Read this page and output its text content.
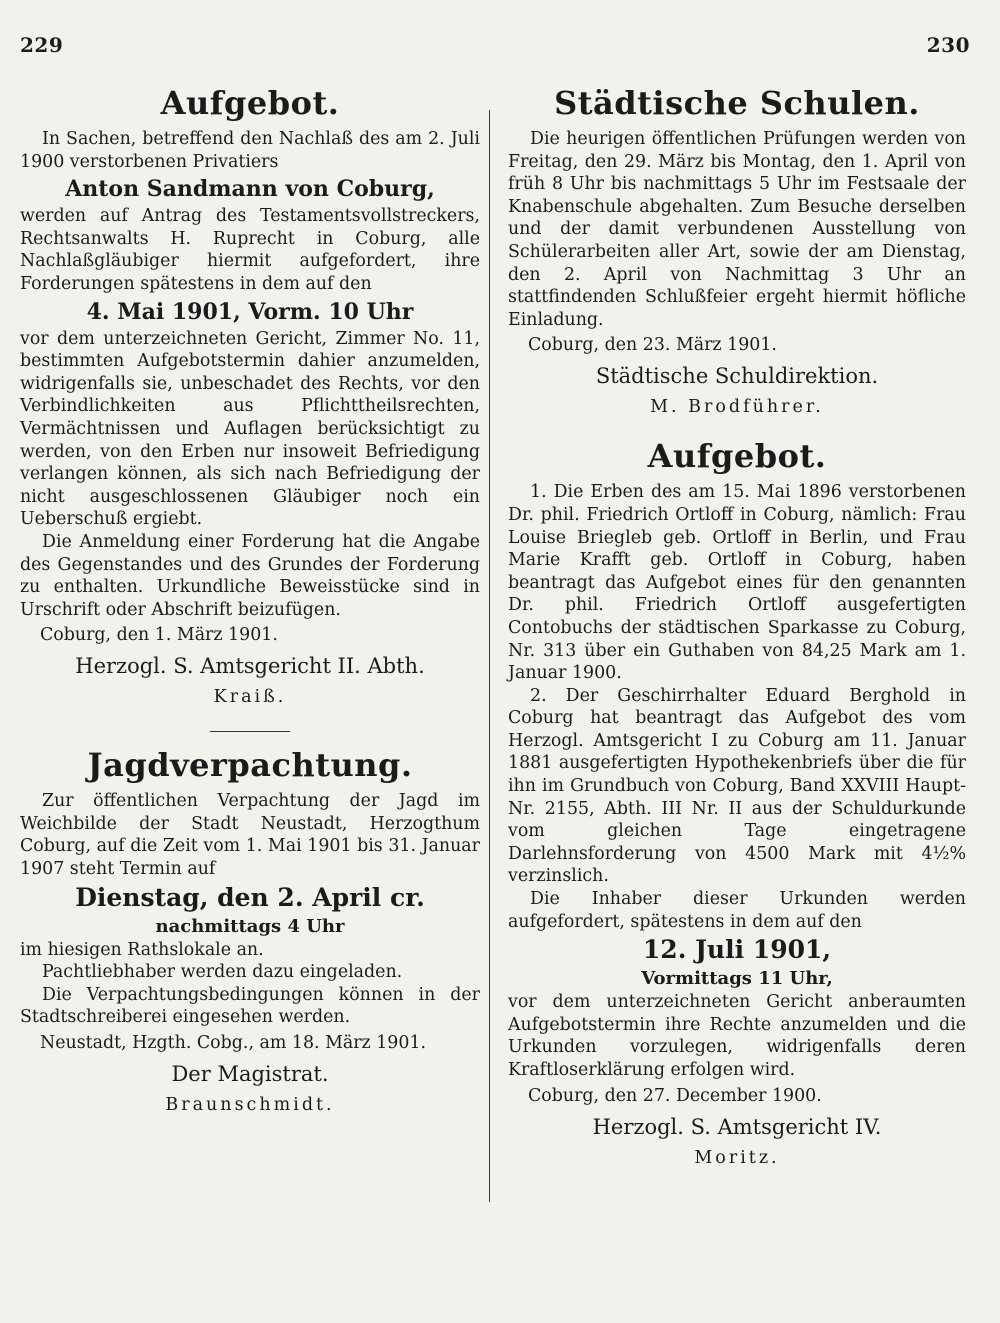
229	230
Aufgebot.

In Sachen, betreffend den Nachlaß des am 2. Juli 1900 verstorbenen Privatiers

Anton Sandmann von Coburg,

werden auf Antrag des Testamentsvollstreckers, Rechtsanwalts H. Ruprecht in Coburg, alle Nachlaßgläubiger hiermit aufgefordert, ihre Forderungen spätestens in dem auf den

4. Mai 1901, Vorm. 10 Uhr

vor dem unterzeichneten Gericht, Zimmer No. 11, bestimmten Aufgebotstermin dahier anzumelden, widrigenfalls sie, unbeschadet des Rechts, vor den Verbindlichkeiten aus Pflichttheilsrechten, Vermächtnissen und Auflagen berücksichtigt zu werden, von den Erben nur insoweit Befriedigung verlangen können, als sich nach Befriedigung der nicht ausgeschlossenen Gläubiger noch ein Ueberschuß ergiebt.

Die Anmeldung einer Forderung hat die Angabe des Gegenstandes und des Grundes der Forderung zu enthalten. Urkundliche Beweisstücke sind in Urschrift oder Abschrift beizufügen.

Coburg, den 1. März 1901.

Herzogl. S. Amtsgericht II. Abth.

Kraiß.

Jagdverpachtung.

Zur öffentlichen Verpachtung der Jagd im Weichbilde der Stadt Neustadt, Herzogthum Coburg, auf die Zeit vom 1. Mai 1901 bis 31. Januar 1907 steht Termin auf

Dienstag, den 2. April cr.

nachmittags 4 Uhr

im hiesigen Rathslokale an.

Pachtliebhaber werden dazu eingeladen.

Die Verpachtungsbedingungen können in der Stadtschreiberei eingesehen werden.

Neustadt, Hzgth. Cobg., am 18. März 1901.

Der Magistrat.

Braunschmidt.

Städtische Schulen.

Die heurigen öffentlichen Prüfungen werden von Freitag, den 29. März bis Montag, den 1. April von früh 8 Uhr bis nachmittags 5 Uhr im Festsaale der Knabenschule abgehalten. Zum Besuche derselben und der damit verbundenen Ausstellung von Schülerarbeiten aller Art, sowie der am Dienstag, den 2. April von Nachmittag 3 Uhr an stattfindenden Schlußfeier ergeht hiermit höfliche Einladung.

Coburg, den 23. März 1901.

Städtische Schuldirektion.

M. Brodführer.

Aufgebot.

1. Die Erben des am 15. Mai 1896 verstorbenen Dr. phil. Friedrich Ortloff in Coburg, nämlich: Frau Louise Briegleb geb. Ortloff in Berlin, und Frau Marie Krafft geb. Ortloff in Coburg, haben beantragt das Aufgebot eines für den genannten Dr. phil. Friedrich Ortloff ausgefertigten Contobuchs der städtischen Sparkasse zu Coburg, Nr. 313 über ein Guthaben von 84,25 Mark am 1. Januar 1900.

2. Der Geschirrhalter Eduard Berghold in Coburg hat beantragt das Aufgebot des vom Herzogl. Amtsgericht I zu Coburg am 11. Januar 1881 ausgefertigten Hypothekenbriefs über die für ihn im Grundbuch von Coburg, Band XXVIII Haupt-Nr. 2155, Abth. III Nr. II aus der Schuldurkunde vom gleichen Tage eingetragene Darlehnsforderung von 4500 Mark mit 4½% verzinslich.

Die Inhaber dieser Urkunden werden aufgefordert, spätestens in dem auf den

12. Juli 1901,

Vormittags 11 Uhr,

vor dem unterzeichneten Gericht anberaumten Aufgebotstermin ihre Rechte anzumelden und die Urkunden vorzulegen, widrigenfalls deren Kraftloserklärung erfolgen wird.

Coburg, den 27. December 1900.

Herzogl. S. Amtsgericht IV.

Moritz.
